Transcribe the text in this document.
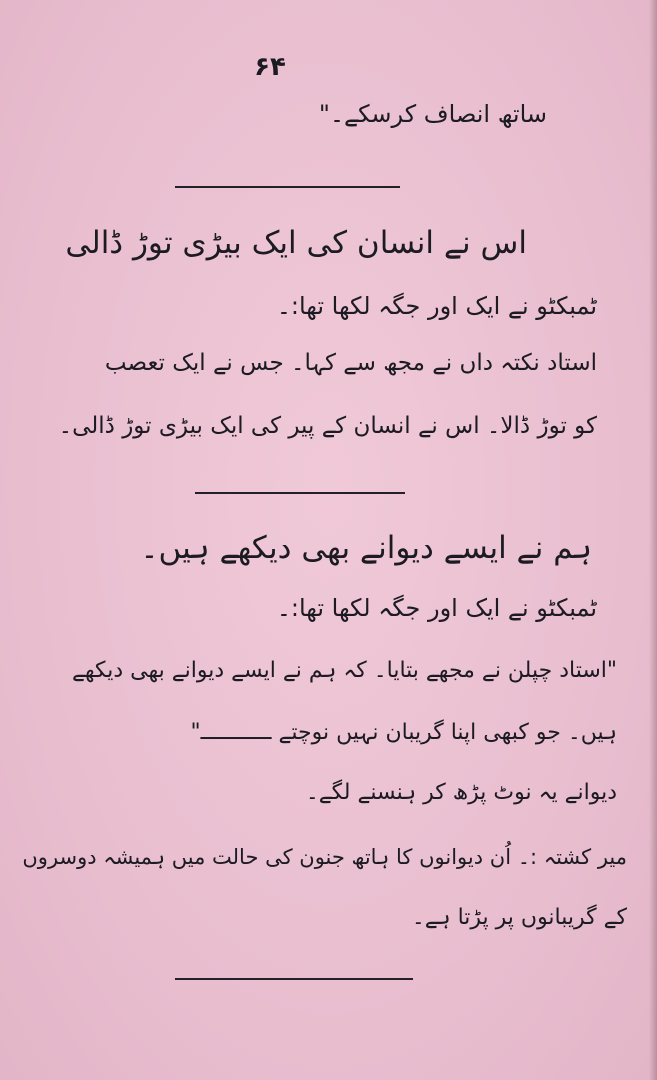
۶۴

ساتھ انصاف کرسکے۔"

اس نے انسان کی ایک بیڑی توڑ ڈالی

ٹمبکٹو نے ایک اور جگہ لکھا تھا:۔

استاد نکتہ داں نے مجھ سے کہا۔ جس نے ایک تعصب

کو توڑ ڈالا۔ اس نے انسان کے پیر کی ایک بیڑی توڑ ڈالی۔

ہم نے ایسے دیوانے بھی دیکھے ہیں۔

ٹمبکٹو نے ایک اور جگہ لکھا تھا:۔

"استاد چپلن نے مجھے بتایا۔ کہ ہم نے ایسے دیوانے بھی دیکھے

ہیں۔ جو کبھی اپنا گریبان نہیں نوچتے ـــــــــــ"

دیوانے یہ نوٹ پڑھ کر ہنسنے لگے۔

میر کشتہ :۔ اُن دیوانوں کا ہاتھ جنون کی حالت میں ہمیشہ دوسروں

کے گریبانوں پر پڑتا ہے۔
